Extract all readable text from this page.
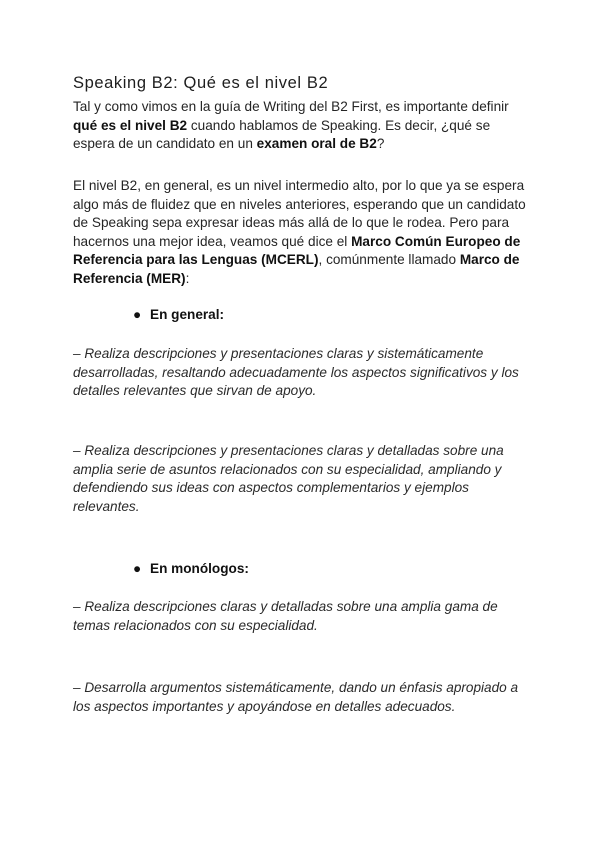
Speaking B2: Qué es el nivel B2

Tal y como vimos en la guía de Writing del B2 First, es importante definir qué es el nivel B2 cuando hablamos de Speaking. Es decir, ¿qué se espera de un candidato en un examen oral de B2?

El nivel B2, en general, es un nivel intermedio alto, por lo que ya se espera algo más de fluidez que en niveles anteriores, esperando que un candidato de Speaking sepa expresar ideas más allá de lo que le rodea. Pero para hacernos una mejor idea, veamos qué dice el Marco Común Europeo de Referencia para las Lenguas (MCERL), comúnmente llamado Marco de Referencia (MER):

● En general:

– Realiza descripciones y presentaciones claras y sistemáticamente desarrolladas, resaltando adecuadamente los aspectos significativos y los detalles relevantes que sirvan de apoyo.

– Realiza descripciones y presentaciones claras y detalladas sobre una amplia serie de asuntos relacionados con su especialidad, ampliando y defendiendo sus ideas con aspectos complementarios y ejemplos relevantes.

● En monólogos:

– Realiza descripciones claras y detalladas sobre una amplia gama de temas relacionados con su especialidad.

– Desarrolla argumentos sistemáticamente, dando un énfasis apropiado a los aspectos importantes y apoyándose en detalles adecuados.
